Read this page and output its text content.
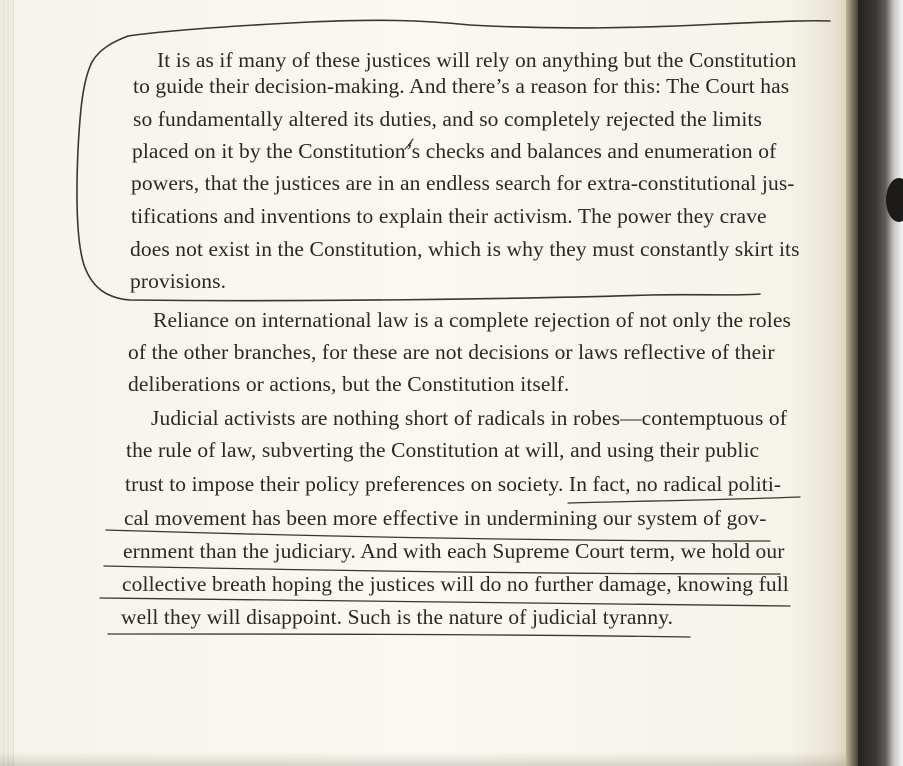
It is as if many of these justices will rely on anything but the Constitution
to guide their decision-making. And there’s a reason for this: The Court has
so fundamentally altered its duties, and so completely rejected the limits
placed on it by the Constitution’s checks and balances and enumeration of
powers, that the justices are in an endless search for extra-constitutional jus-
tifications and inventions to explain their activism. The power they crave
does not exist in the Constitution, which is why they must constantly skirt its
provisions.
Reliance on international law is a complete rejection of not only the roles
of the other branches, for these are not decisions or laws reflective of their
deliberations or actions, but the Constitution itself.
Judicial activists are nothing short of radicals in robes—contemptuous of
the rule of law, subverting the Constitution at will, and using their public
trust to impose their policy preferences on society. In fact, no radical politi-
cal movement has been more effective in undermining our system of gov-
ernment than the judiciary. And with each Supreme Court term, we hold our
collective breath hoping the justices will do no further damage, knowing full
well they will disappoint. Such is the nature of judicial tyranny.
